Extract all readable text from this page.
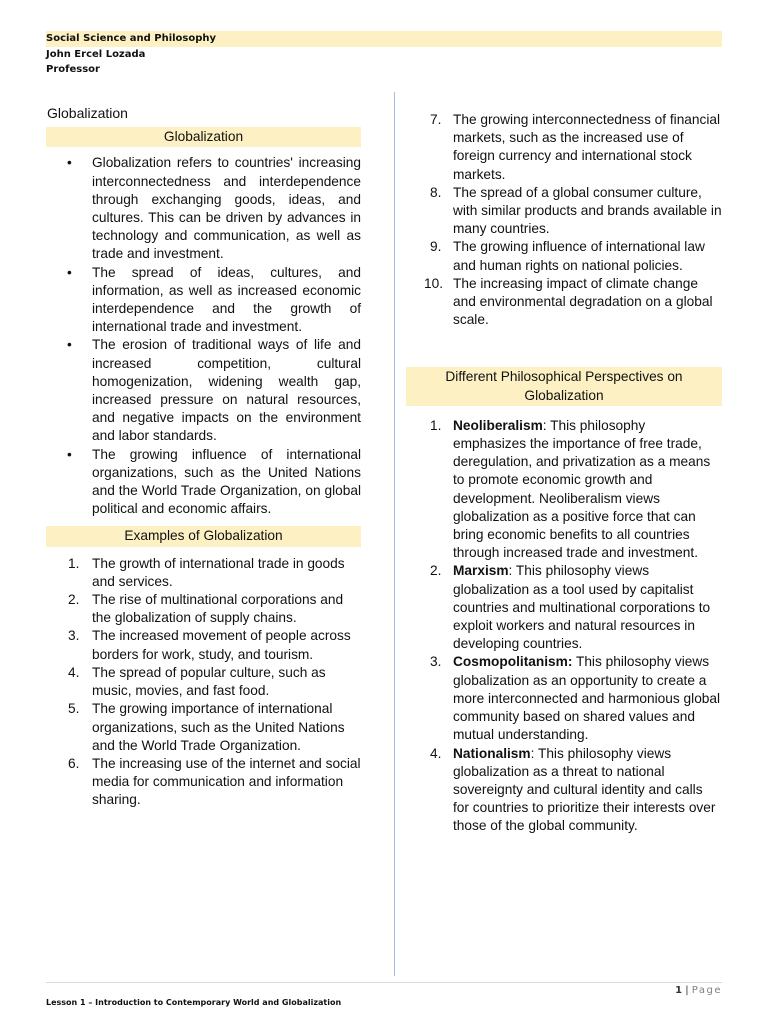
Social Science and Philosophy
John Ercel Lozada
Professor
Globalization
Globalization
• Globalization refers to countries' increasing interconnectedness and interdependence through exchanging goods, ideas, and cultures. This can be driven by advances in technology and communication, as well as trade and investment.
• The spread of ideas, cultures, and information, as well as increased economic interdependence and the growth of international trade and investment.
• The erosion of traditional ways of life and increased competition, cultural homogenization, widening wealth gap, increased pressure on natural resources, and negative impacts on the environment and labor standards.
• The growing influence of international organizations, such as the United Nations and the World Trade Organization, on global political and economic affairs.
Examples of Globalization
1. The growth of international trade in goods and services.
2. The rise of multinational corporations and the globalization of supply chains.
3. The increased movement of people across borders for work, study, and tourism.
4. The spread of popular culture, such as music, movies, and fast food.
5. The growing importance of international organizations, such as the United Nations and the World Trade Organization.
6. The increasing use of the internet and social media for communication and information sharing.
7. The growing interconnectedness of financial markets, such as the increased use of foreign currency and international stock markets.
8. The spread of a global consumer culture, with similar products and brands available in many countries.
9. The growing influence of international law and human rights on national policies.
10. The increasing impact of climate change and environmental degradation on a global scale.
Different Philosophical Perspectives on Globalization
1. Neoliberalism: This philosophy emphasizes the importance of free trade, deregulation, and privatization as a means to promote economic growth and development. Neoliberalism views globalization as a positive force that can bring economic benefits to all countries through increased trade and investment.
2. Marxism: This philosophy views globalization as a tool used by capitalist countries and multinational corporations to exploit workers and natural resources in developing countries.
3. Cosmopolitanism: This philosophy views globalization as an opportunity to create a more interconnected and harmonious global community based on shared values and mutual understanding.
4. Nationalism: This philosophy views globalization as a threat to national sovereignty and cultural identity and calls for countries to prioritize their interests over those of the global community.
1 | Page
Lesson 1 – Introduction to Contemporary World and Globalization
